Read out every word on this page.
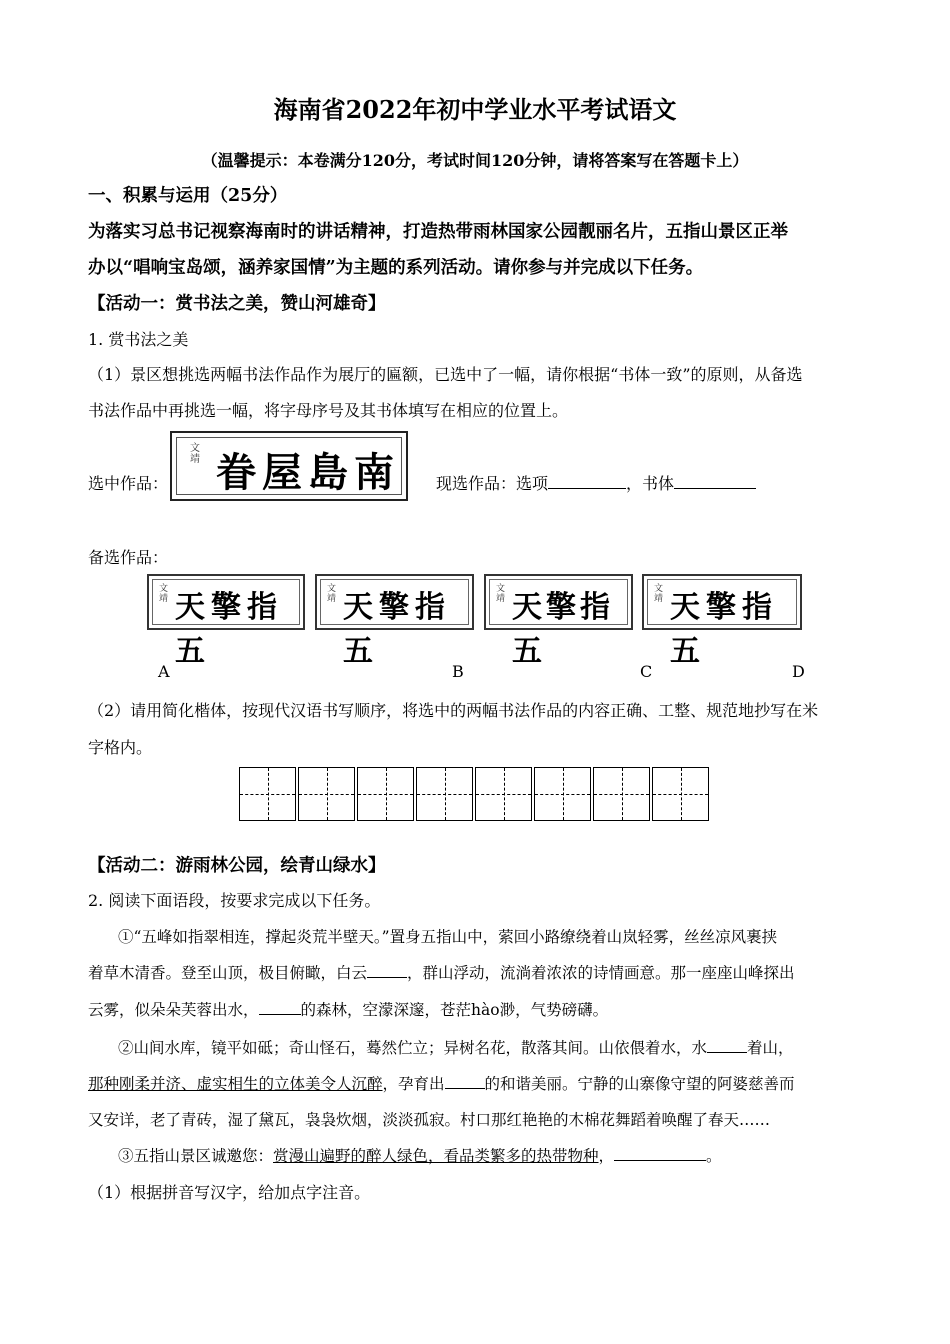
海南省2022年初中学业水平考试语文
（温馨提示：本卷满分120分，考试时间120分钟，请将答案写在答题卡上）
一、积累与运用（25分）
为落实习总书记视察海南时的讲话精神，打造热带雨林国家公园靓丽名片，五指山景区正举
办以“唱响宝岛颂，涵养家国情”为主题的系列活动。请你参与并完成以下任务。
【活动一：赏书法之美，赞山河雄奇】
1. 赏书法之美
（1）景区想挑选两幅书法作品作为展厅的匾额，已选中了一幅，请你根据“书体一致”的原则，从备选
书法作品中再挑选一幅，将字母序号及其书体填写在相应的位置上。
选中作品：
文靖 眷屋島南 现选作品：选项	，书体
备选作品：
文靖 天擎指五
文靖 天擎指五
文靖 天擎指五
文靖 天擎指五
A	B	C	D
（2）请用简化楷体，按现代汉语书写顺序，将选中的两幅书法作品的内容正确、工整、规范地抄写在米
字格内。
【活动二：游雨林公园，绘青山绿水】
2. 阅读下面语段，按要求完成以下任务。
①“五峰如指翠相连，撑起炎荒半壁天。”置身五指山中，萦回小路缭绕着山岚轻雾，丝丝凉风裹挟
着草木清香。登至山顶，极目俯瞰，白云	，群山浮动，流淌着浓浓的诗情画意。那一座座山峰探出
云雾，似朵朵芙蓉出水，	的森林，空濛深邃，苍茫hào渺，气势磅礴。
②山间水库，镜平如砥；奇山怪石，蓦然伫立；异树名花，散落其间。山依偎着水，水	着山，
那种刚柔并济、虚实相生的立体美令人沉醉，孕育出	的和谐美丽。宁静的山寨像守望的阿婆慈善而
又安详，老了青砖，湿了黛瓦，袅袅炊烟，淡淡孤寂。村口那红艳艳的木棉花舞蹈着唤醒了春天……
③五指山景区诚邀您：赏漫山遍野的醉人绿色，看品类繁多的热带物种，	。
（1）根据拼音写汉字，给加点字注音。
